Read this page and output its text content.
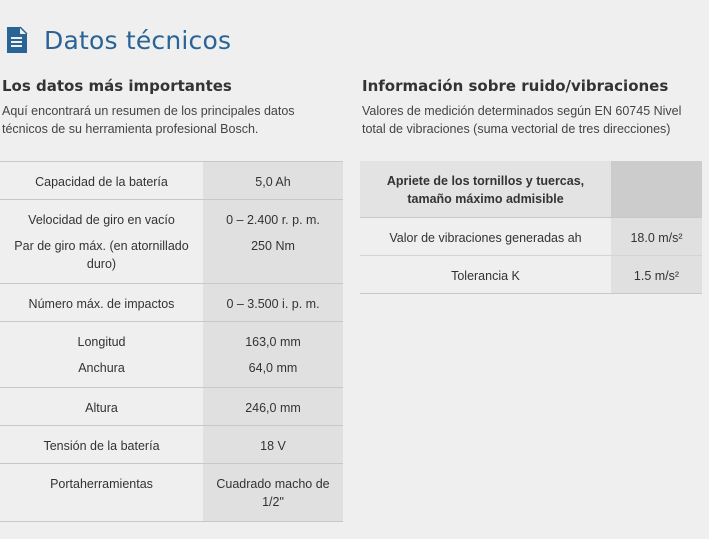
Datos técnicos
Los datos más importantes

Aquí encontrará un resumen de los principales datos técnicos de su herramienta profesional Bosch.

Capacidad de la batería	5,0 Ah
Velocidad de giro en vacío	0 – 2.400 r. p. m.
Par de giro máx. (en atornillado duro)	250 Nm
Número máx. de impactos	0 – 3.500 i. p. m.
Longitud	163,0 mm
Anchura	64,0 mm
Altura	246,0 mm
Tensión de la batería	18 V
Portaherramientas	Cuadrado macho de 1/2"
Información sobre ruido/vibraciones

Valores de medición determinados según EN 60745 Nivel total de vibraciones (suma vectorial de tres direcciones)

Apriete de los tornillos y tuercas, tamaño máximo admisible	
Valor de vibraciones generadas ah	18.0 m/s²
Tolerancia K	1.5 m/s²
